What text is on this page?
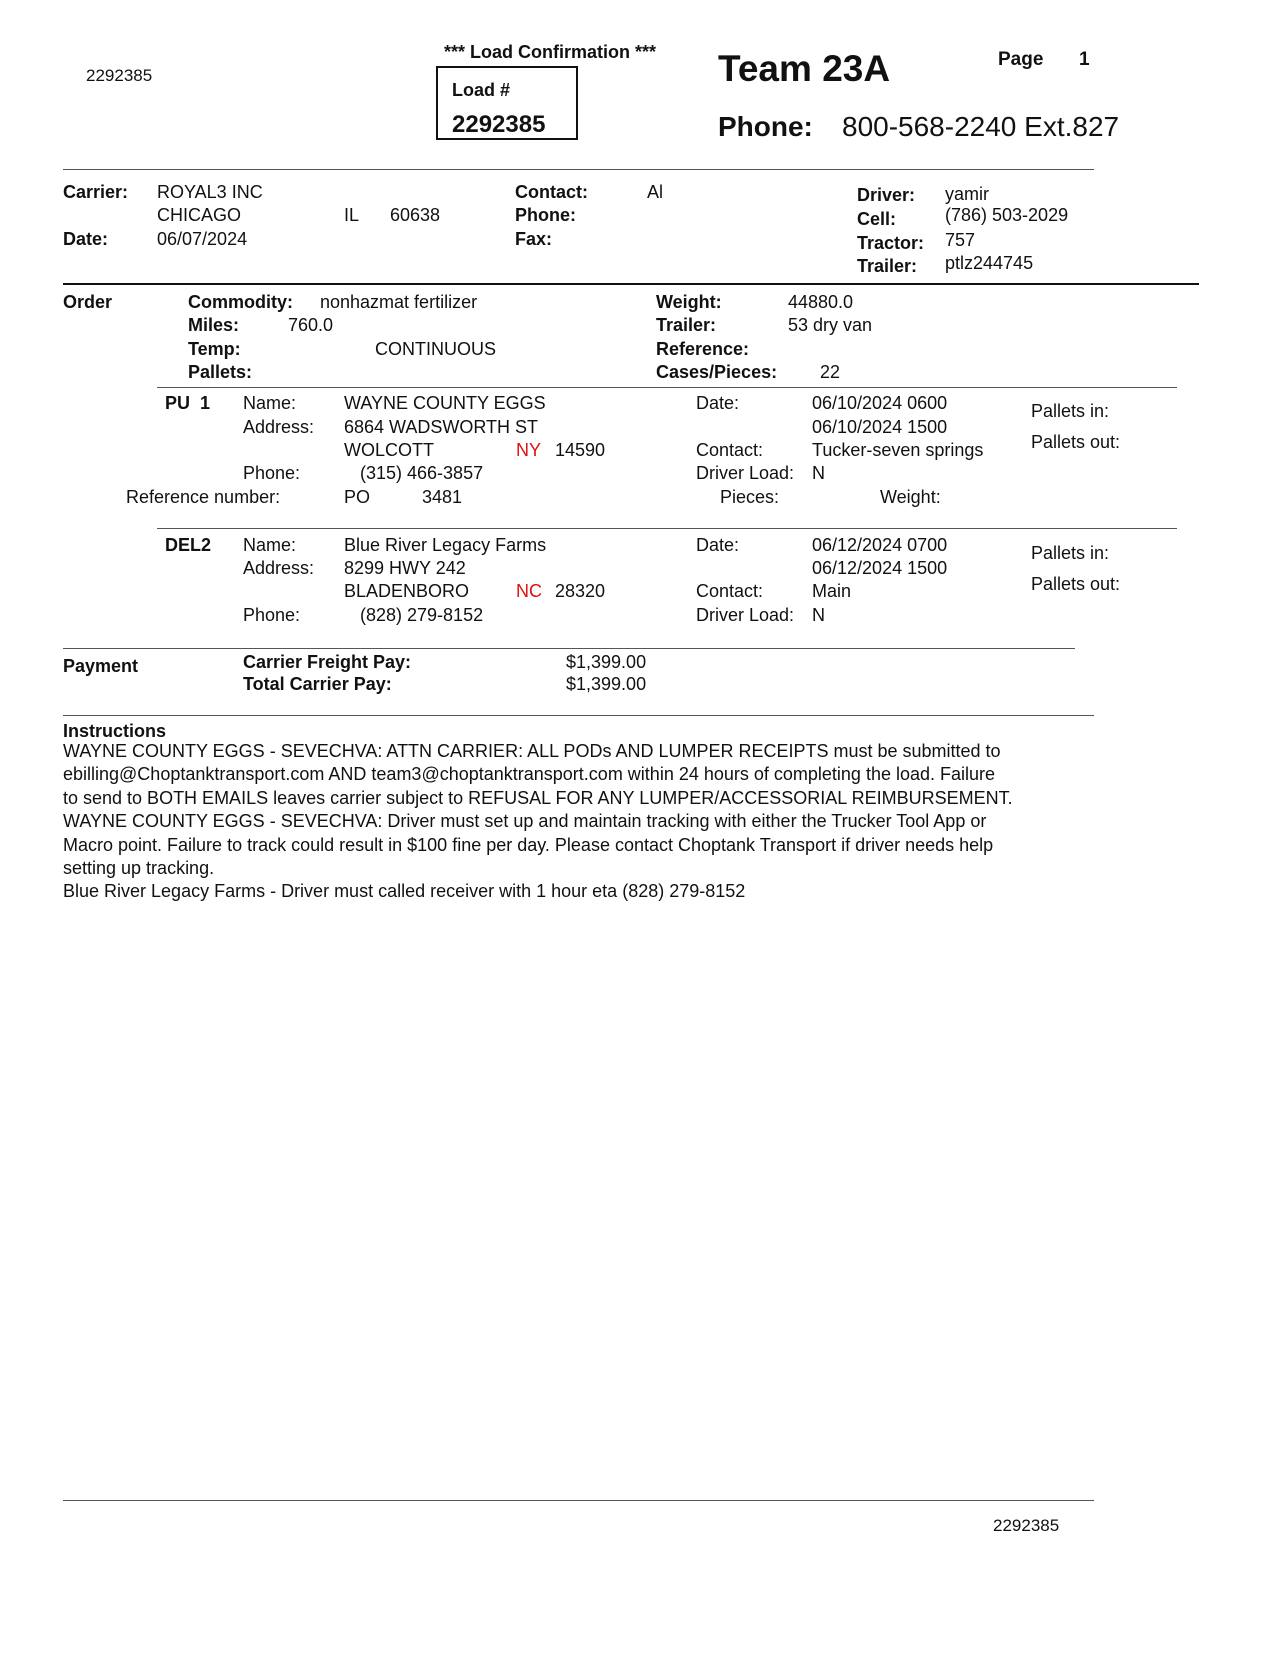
2292385
*** Load Confirmation ***
Load #
2292385
Team 23A	Page 1
Phone: 800-568-2240 Ext.827
Carrier: ROYAL3 INC
CHICAGO	IL 60638
Date:	06/07/2024
Contact:	Al
Phone:
Fax:
Driver: yamir
Cell:	(786) 503-2029
Tractor: 757
Trailer: ptlz244745
Order	Commodity: nonhazmat fertilizer
Miles:	760.0
Temp:	CONTINUOUS
Pallets:
Weight:	44880.0
Trailer:	53 dry van
Reference:
Cases/Pieces: 22
PU  1 Name:	WAYNE COUNTY EGGS
Address: 6864 WADSWORTH ST
WOLCOTT	NY 14590
Phone:	(315) 466-3857
Reference number:	PO	3481
Date:	06/10/2024 0600
06/10/2024 1500
Contact:	Tucker-seven springs
Driver Load: N
Pieces:	Weight:
Pallets in:
Pallets out:
DEL2 Name:	Blue River Legacy Farms
Address: 8299 HWY 242
BLADENBORO	NC 28320
Phone:	(828) 279-8152
Date:	06/12/2024 0700
06/12/2024 1500
Contact:	Main
Driver Load: N
Pallets in:
Pallets out:
Payment	Carrier Freight Pay:	$1,399.00
Total Carrier Pay:	$1,399.00
Instructions
WAYNE COUNTY EGGS - SEVECHVA: ATTN CARRIER: ALL PODs AND LUMPER RECEIPTS must be submitted to
ebilling@Choptanktransport.com AND team3@choptanktransport.com within 24 hours of completing the load. Failure
to send to BOTH EMAILS leaves carrier subject to REFUSAL FOR ANY LUMPER/ACCESSORIAL REIMBURSEMENT.
WAYNE COUNTY EGGS - SEVECHVA: Driver must set up and maintain tracking with either the Trucker Tool App or
Macro point. Failure to track could result in $100 fine per day. Please contact Choptank Transport if driver needs help
setting up tracking.
Blue River Legacy Farms - Driver must called receiver with 1 hour eta (828) 279-8152
2292385
